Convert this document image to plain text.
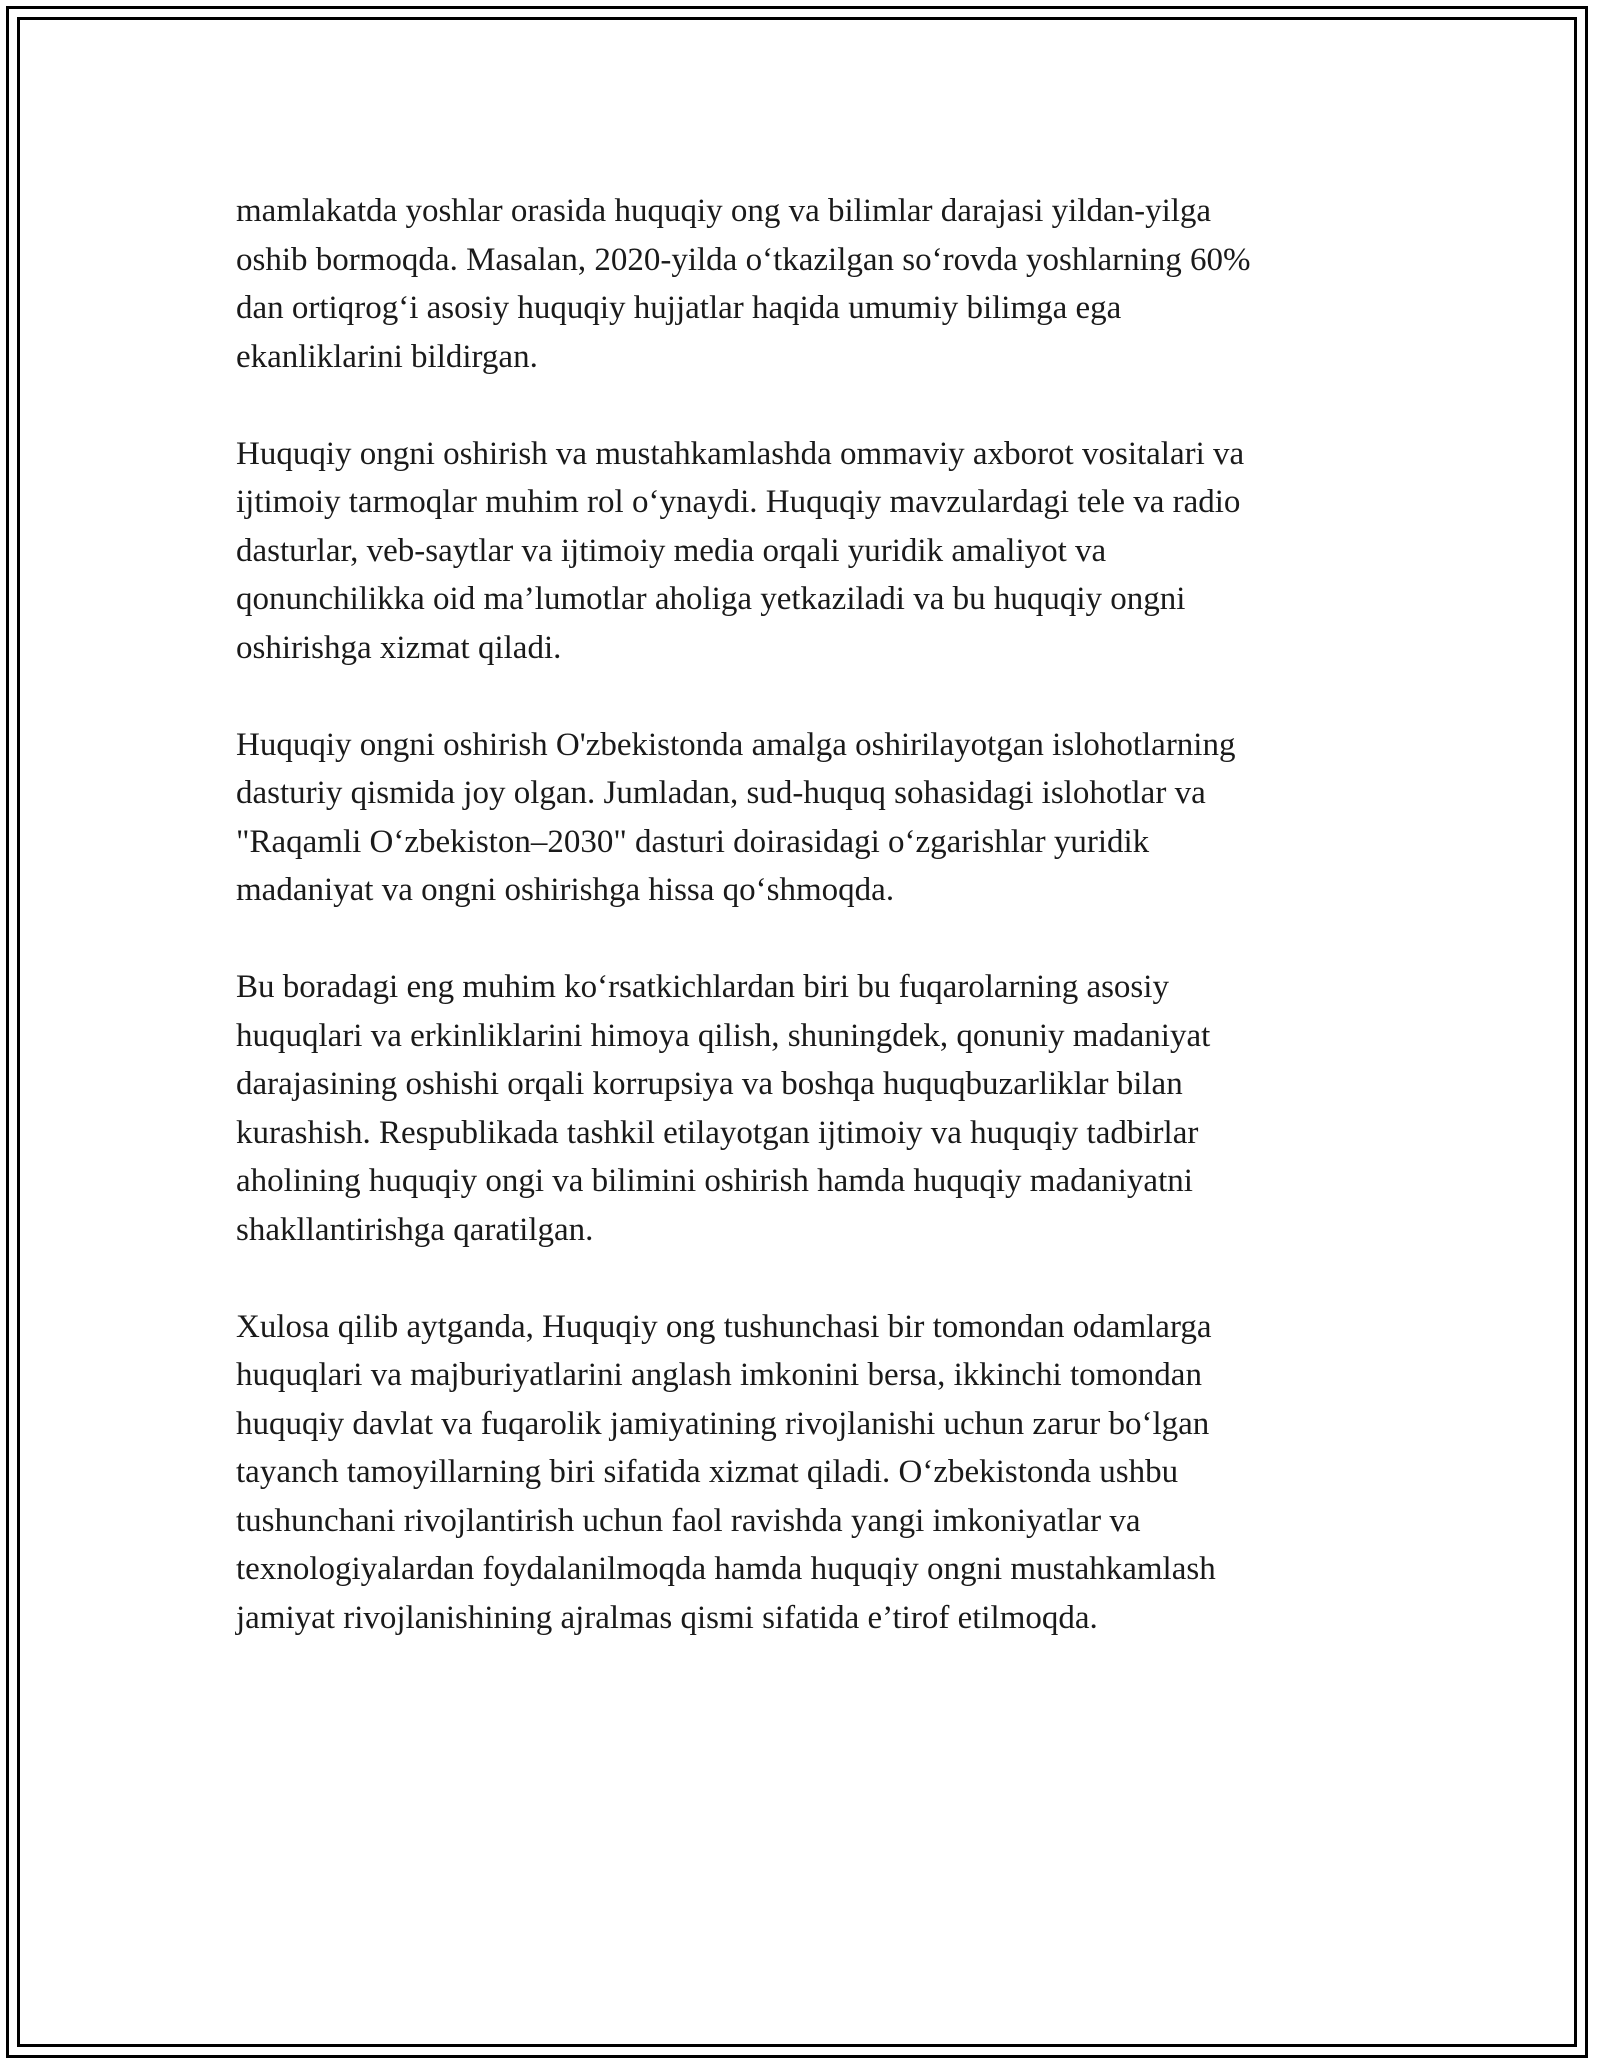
mamlakatda yoshlar orasida huquqiy ong va bilimlar darajasi yildan-yilga
oshib bormoqda. Masalan, 2020-yilda o‘tkazilgan so‘rovda yoshlarning 60%
dan ortiqrog‘i asosiy huquqiy hujjatlar haqida umumiy bilimga ega
ekanliklarini bildirgan.

Huquqiy ongni oshirish va mustahkamlashda ommaviy axborot vositalari va
ijtimoiy tarmoqlar muhim rol o‘ynaydi. Huquqiy mavzulardagi tele va radio
dasturlar, veb-saytlar va ijtimoiy media orqali yuridik amaliyot va
qonunchilikka oid ma’lumotlar aholiga yetkaziladi va bu huquqiy ongni
oshirishga xizmat qiladi.

Huquqiy ongni oshirish O'zbekistonda amalga oshirilayotgan islohotlarning
dasturiy qismida joy olgan. Jumladan, sud-huquq sohasidagi islohotlar va
"Raqamli O‘zbekiston–2030" dasturi doirasidagi o‘zgarishlar yuridik
madaniyat va ongni oshirishga hissa qo‘shmoqda.

Bu boradagi eng muhim ko‘rsatkichlardan biri bu fuqarolarning asosiy
huquqlari va erkinliklarini himoya qilish, shuningdek, qonuniy madaniyat
darajasining oshishi orqali korrupsiya va boshqa huquqbuzarliklar bilan
kurashish. Respublikada tashkil etilayotgan ijtimoiy va huquqiy tadbirlar
aholining huquqiy ongi va bilimini oshirish hamda huquqiy madaniyatni
shakllantirishga qaratilgan.

Xulosa qilib aytganda, Huquqiy ong tushunchasi bir tomondan odamlarga
huquqlari va majburiyatlarini anglash imkonini bersa, ikkinchi tomondan
huquqiy davlat va fuqarolik jamiyatining rivojlanishi uchun zarur bo‘lgan
tayanch tamoyillarning biri sifatida xizmat qiladi. O‘zbekistonda ushbu
tushunchani rivojlantirish uchun faol ravishda yangi imkoniyatlar va
texnologiyalardan foydalanilmoqda hamda huquqiy ongni mustahkamlash
jamiyat rivojlanishining ajralmas qismi sifatida e’tirof etilmoqda.
